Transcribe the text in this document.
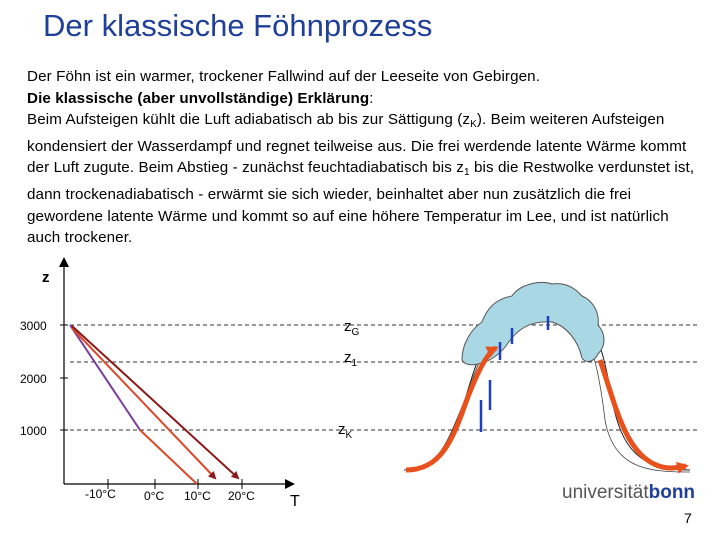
Der klassische Föhnprozess

Der Föhn ist ein warmer, trockener Fallwind auf der Leeseite von Gebirgen.

Die klassische (aber unvollständige) Erklärung:

Beim Aufsteigen kühlt die Luft adiabatisch ab bis zur Sättigung $(z_K)$. Beim weiteren Aufsteigen kondensiert der Wasserdampf und regnet teilweise aus. Die frei werdende latente Wärme kommt der Luft zugute. Beim Abstieg - zunächst feuchtadiabatisch bis $z_1$ bis die Restwolke verdunstet ist, dann trockenadiabatisch - erwärmt sie sich wieder, beinhaltet aber nun zusätzlich die frei gewordene latente Wärme und kommt so auf eine höhere Temperatur im Lee, und ist natürlich auch trockener.

z
T
3000
2000
1000
-10°C 0°C 10°C 20°C
$z_G$
$z_1$
$z_K$
universitätbonn
7
